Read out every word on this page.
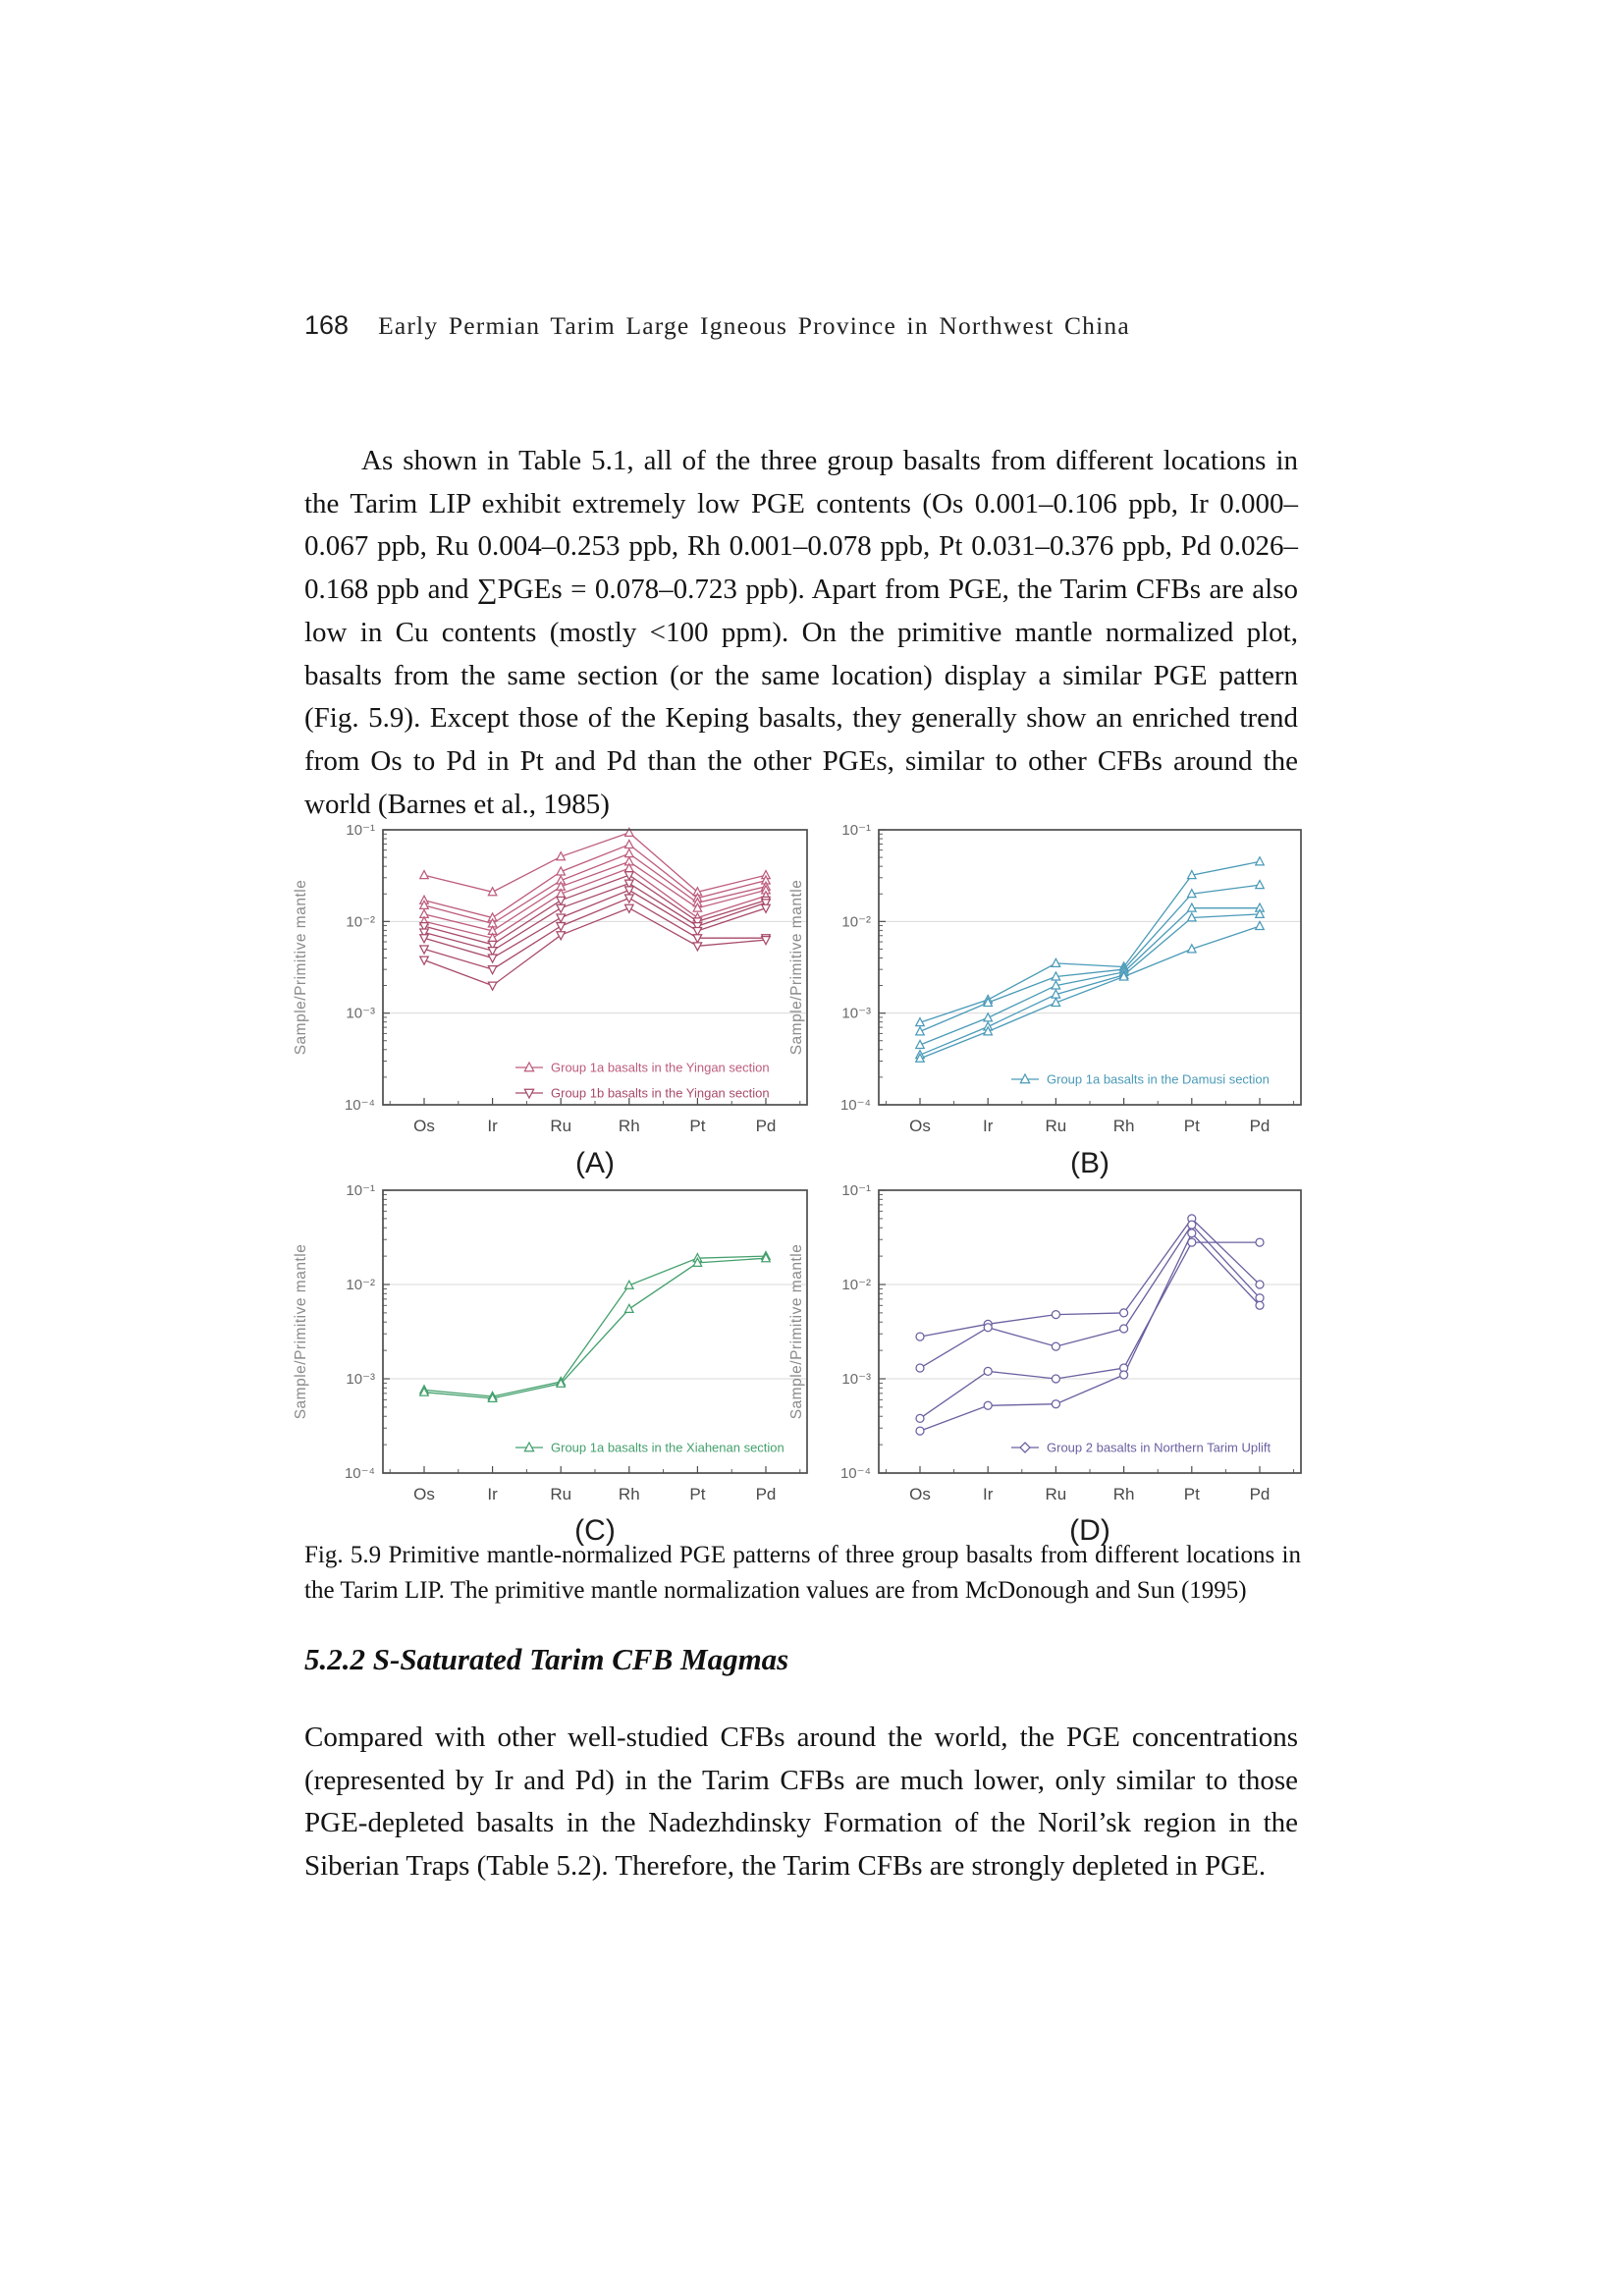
168 Early Permian Tarim Large Igneous Province in Northwest China

As shown in Table 5.1, all of the three group basalts from different locations in the Tarim LIP exhibit extremely low PGE contents (Os 0.001–0.106 ppb, Ir 0.000–0.067 ppb, Ru 0.004–0.253 ppb, Rh 0.001–0.078 ppb, Pt 0.031–0.376 ppb, Pd 0.026–0.168 ppb and ∑PGEs = 0.078–0.723 ppb). Apart from PGE, the Tarim CFBs are also low in Cu contents (mostly <100 ppm). On the primitive mantle normalized plot, basalts from the same section (or the same location) display a similar PGE pattern (Fig. 5.9). Except those of the Keping basalts, they generally show an enriched trend from Os to Pd in Pt and Pd than the other PGEs, similar to other CFBs around the world (Barnes et al., 1985)

10⁻¹
10⁻²
10⁻³
10⁻⁴
Os	Ir	Ru	Rh	Pt	Pd
Sample/Primitive mantle
Group 1a basalts in the Yingan section
Group 1b basalts in the Yingan section
10⁻¹
10⁻²
10⁻³
10⁻⁴
Os	Ir	Ru	Rh	Pt	Pd
Sample/Primitive mantle
Group 1a basalts in the Damusi section
10⁻¹
10⁻²
10⁻³
10⁻⁴
Os	Ir	Ru	Rh	Pt	Pd
Sample/Primitive mantle
Group 1a basalts in the Xiahenan section
10⁻¹
10⁻²
10⁻³
10⁻⁴
Os	Ir	Ru	Rh	Pt	Pd
Sample/Primitive mantle
Group 2 basalts in Northern Tarim Uplift
(A)	(B)
(C)	(D)

Fig. 5.9 Primitive mantle-normalized PGE patterns of three group basalts from different locations in the Tarim LIP. The primitive mantle normalization values are from McDonough and Sun (1995)

5.2.2 S-Saturated Tarim CFB Magmas

Compared with other well-studied CFBs around the world, the PGE concentrations (represented by Ir and Pd) in the Tarim CFBs are much lower, only similar to those PGE-depleted basalts in the Nadezhdinsky Formation of the Noril’sk region in the Siberian Traps (Table 5.2). Therefore, the Tarim CFBs are strongly depleted in PGE.
